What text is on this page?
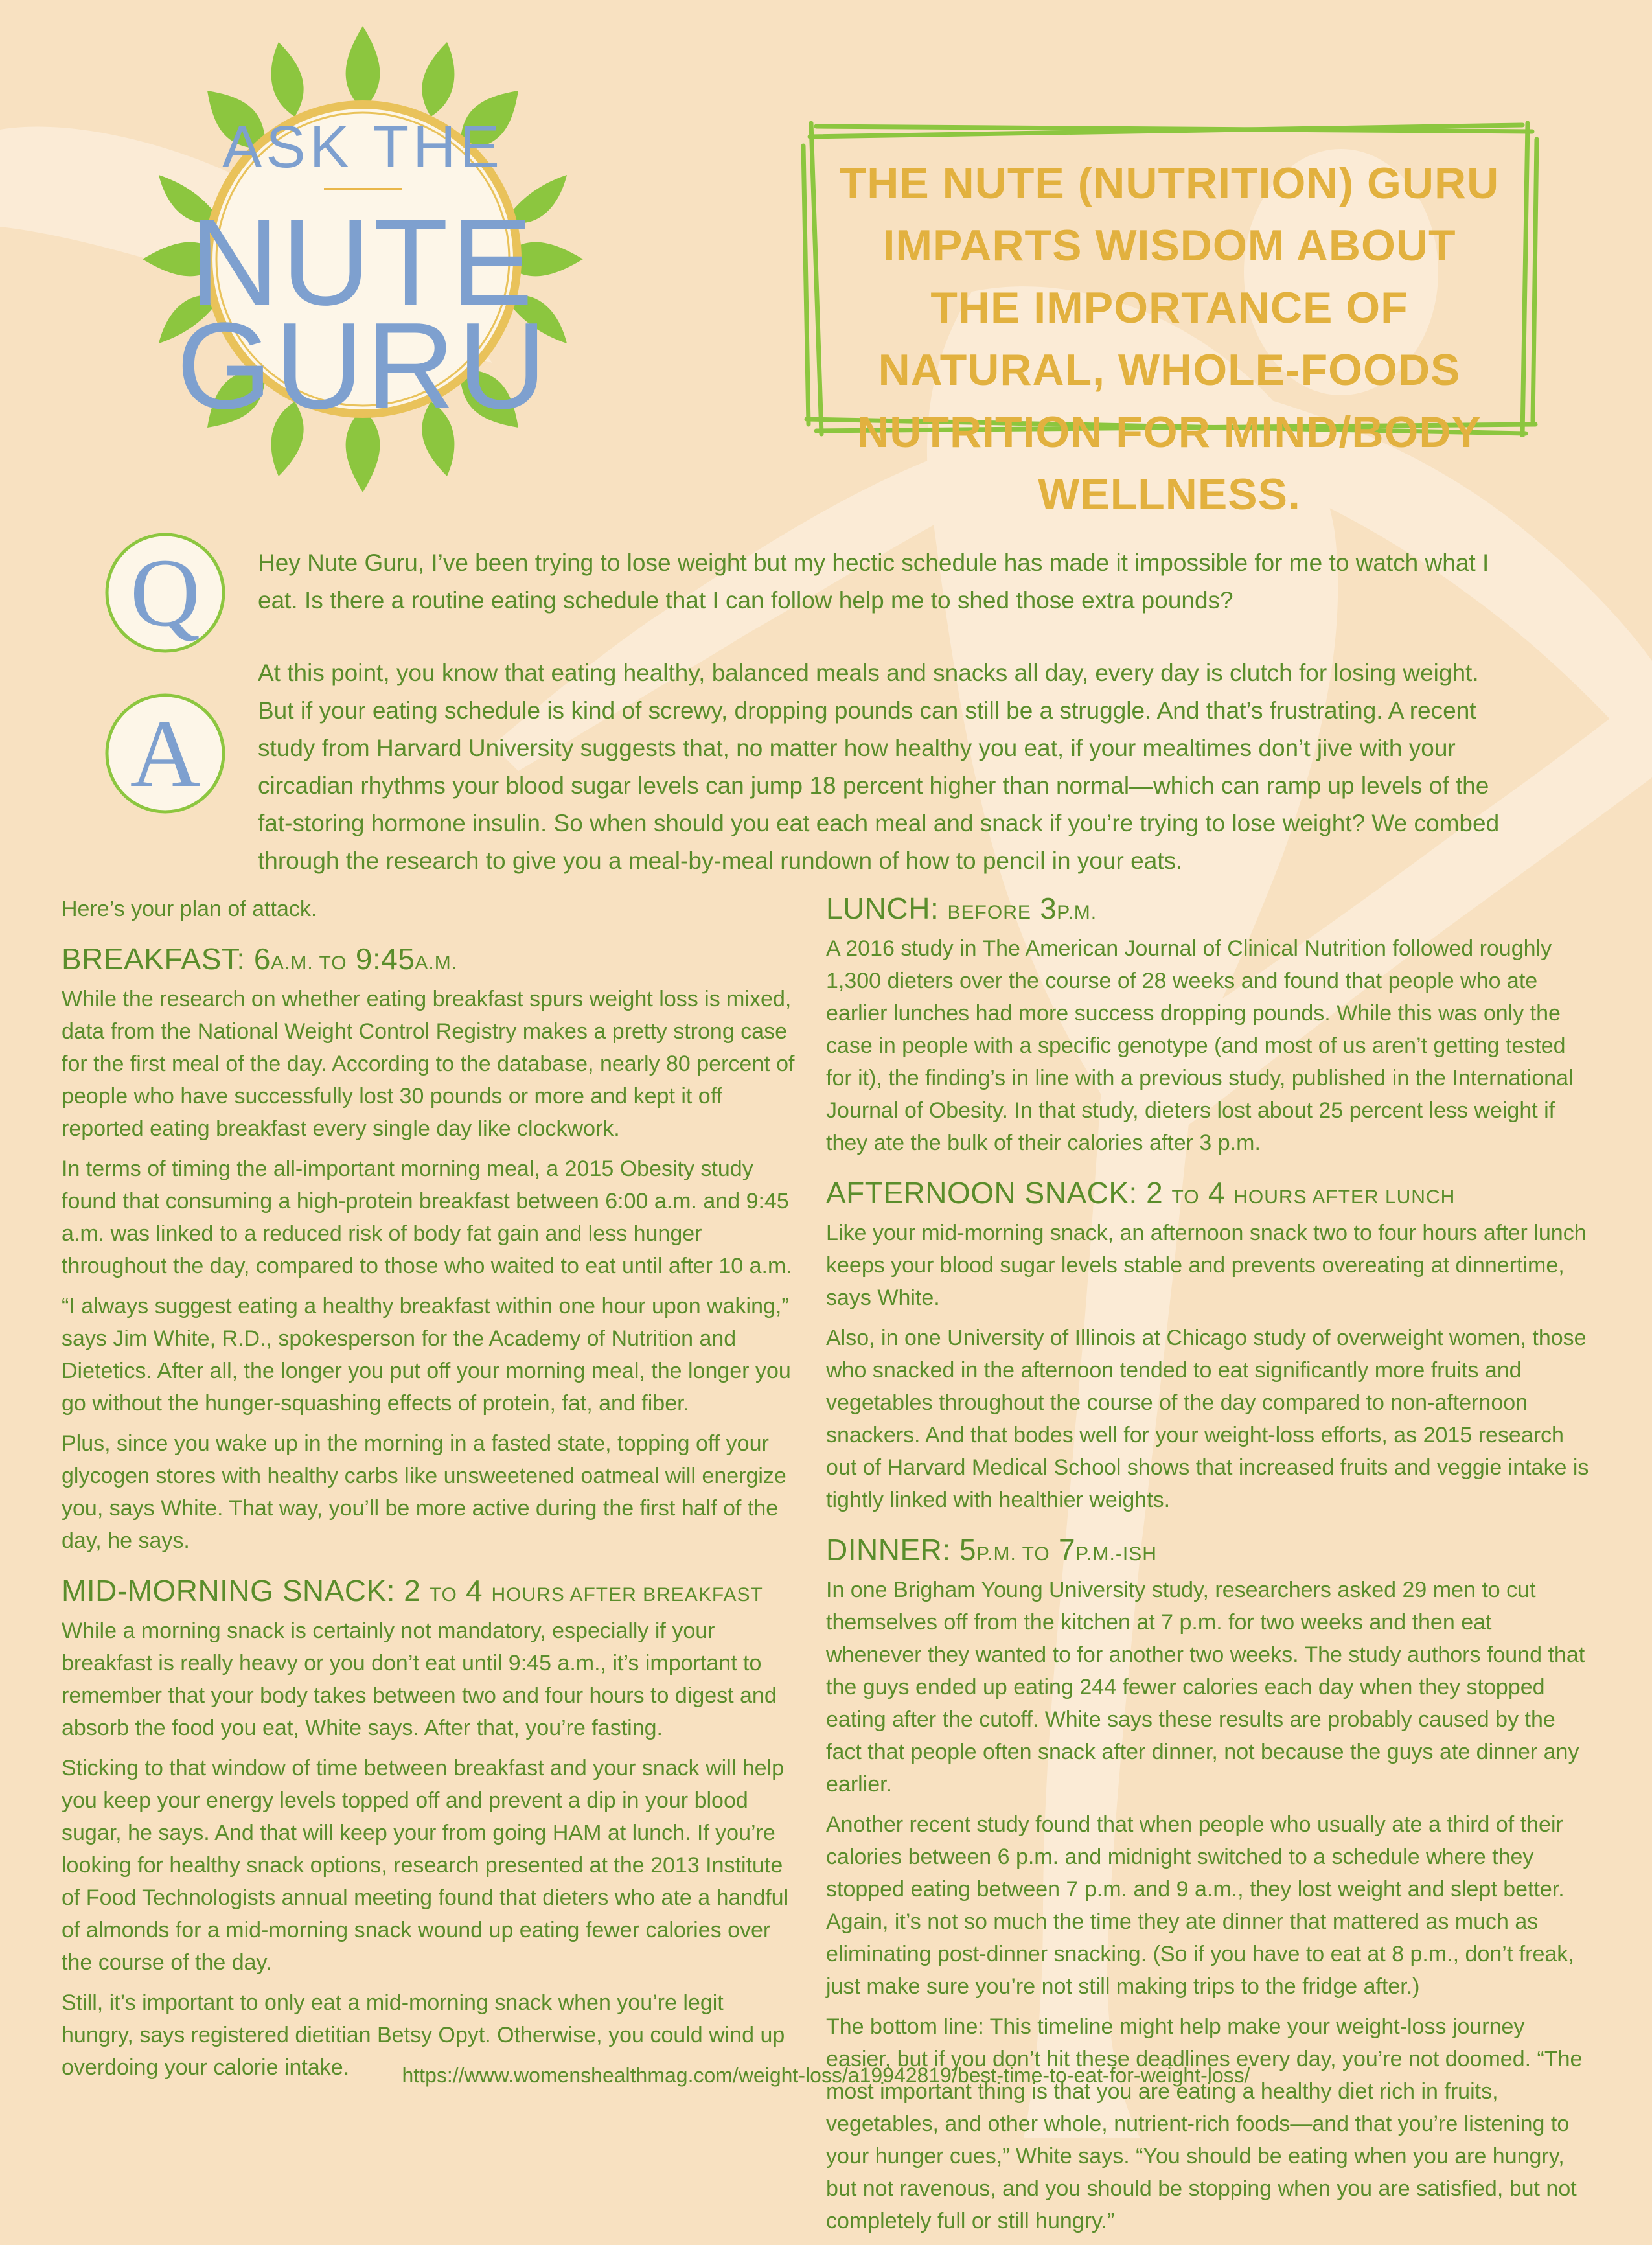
ASK THE
NUTE
GURU
THE NUTE (NUTRITION) GURU IMPARTS WISDOM ABOUT THE IMPORTANCE OF NATURAL, WHOLE-FOODS NUTRITION FOR MIND/BODY WELLNESS.
Q	Hey Nute Guru, I’ve been trying to lose weight but my hectic schedule has made it impossible for me to watch what I eat. Is there a routine eating schedule that I can follow help me to shed those extra pounds?
A
At this point, you know that eating healthy, balanced meals and snacks all day, every day is clutch for losing weight. But if your eating schedule is kind of screwy, dropping pounds can still be a struggle. And that’s frustrating. A recent study from Harvard University suggests that, no matter how healthy you eat, if your mealtimes don’t jive with your circadian rhythms your blood sugar levels can jump 18 percent higher than normal—which can ramp up levels of the fat-storing hormone insulin. So when should you eat each meal and snack if you’re trying to lose weight? We combed through the research to give you a meal-by-meal rundown of how to pencil in your eats.

Here’s your plan of attack.

BREAKFAST: 6A.M. TO 9:45A.M.

While the research on whether eating breakfast spurs weight loss is mixed, data from the National Weight Control Registry makes a pretty strong case for the first meal of the day. According to the database, nearly 80 percent of people who have successfully lost 30 pounds or more and kept it off reported eating breakfast every single day like clockwork.

In terms of timing the all-important morning meal, a 2015 Obesity study found that consuming a high-protein breakfast between 6:00 a.m. and 9:45 a.m. was linked to a reduced risk of body fat gain and less hunger throughout the day, compared to those who waited to eat until after 10 a.m.

“I always suggest eating a healthy breakfast within one hour upon waking,” says Jim White, R.D., spokesperson for the Academy of Nutrition and Dietetics. After all, the longer you put off your morning meal, the longer you go without the hunger-squashing effects of protein, fat, and fiber.

Plus, since you wake up in the morning in a fasted state, topping off your glycogen stores with healthy carbs like unsweetened oatmeal will energize you, says White. That way, you’ll be more active during the first half of the day, he says.

MID-MORNING SNACK: 2 TO 4 HOURS AFTER BREAKFAST

While a morning snack is certainly not mandatory, especially if your breakfast is really heavy or you don’t eat until 9:45 a.m., it’s important to remember that your body takes between two and four hours to digest and absorb the food you eat, White says. After that, you’re fasting.

Sticking to that window of time between breakfast and your snack will help you keep your energy levels topped off and prevent a dip in your blood sugar, he says. And that will keep your from going HAM at lunch. If you’re looking for healthy snack options, research presented at the 2013 Institute of Food Technologists annual meeting found that dieters who ate a handful of almonds for a mid-morning snack wound up eating fewer calories over the course of the day.

Still, it’s important to only eat a mid-morning snack when you’re legit hungry, says registered dietitian Betsy Opyt. Otherwise, you could wind up overdoing your calorie intake.

LUNCH: BEFORE 3P.M.

A 2016 study in The American Journal of Clinical Nutrition followed roughly 1,300 dieters over the course of 28 weeks and found that people who ate earlier lunches had more success dropping pounds. While this was only the case in people with a specific genotype (and most of us aren’t getting tested for it), the finding’s in line with a previous study, published in the International Journal of Obesity. In that study, dieters lost about 25 percent less weight if they ate the bulk of their calories after 3 p.m.

AFTERNOON SNACK: 2 TO 4 HOURS AFTER LUNCH

Like your mid-morning snack, an afternoon snack two to four hours after lunch keeps your blood sugar levels stable and prevents overeating at dinnertime, says White.

Also, in one University of Illinois at Chicago study of overweight women, those who snacked in the afternoon tended to eat significantly more fruits and vegetables throughout the course of the day compared to non-afternoon snackers. And that bodes well for your weight-loss efforts, as 2015 research out of Harvard Medical School shows that increased fruits and veggie intake is tightly linked with healthier weights.

DINNER: 5P.M. TO 7P.M.-ISH

In one Brigham Young University study, researchers asked 29 men to cut themselves off from the kitchen at 7 p.m. for two weeks and then eat whenever they wanted to for another two weeks. The study authors found that the guys ended up eating 244 fewer calories each day when they stopped eating after the cutoff. White says these results are probably caused by the fact that people often snack after dinner, not because the guys ate dinner any earlier.

Another recent study found that when people who usually ate a third of their calories between 6 p.m. and midnight switched to a schedule where they stopped eating between 7 p.m. and 9 a.m., they lost weight and slept better. Again, it’s not so much the time they ate dinner that mattered as much as eliminating post-dinner snacking. (So if you have to eat at 8 p.m., don’t freak, just make sure you’re not still making trips to the fridge after.)

The bottom line: This timeline might help make your weight-loss journey easier, but if you don’t hit these deadlines every day, you’re not doomed. “The most important thing is that you are eating a healthy diet rich in fruits, vegetables, and other whole, nutrient-rich foods—and that you’re listening to your hunger cues,” White says. “You should be eating when you are hungry, but not ravenous, and you should be stopping when you are satisfied, but not completely full or still hungry.”

https://www.womenshealthmag.com/weight-loss/a19942819/best-time-to-eat-for-weight-loss/
